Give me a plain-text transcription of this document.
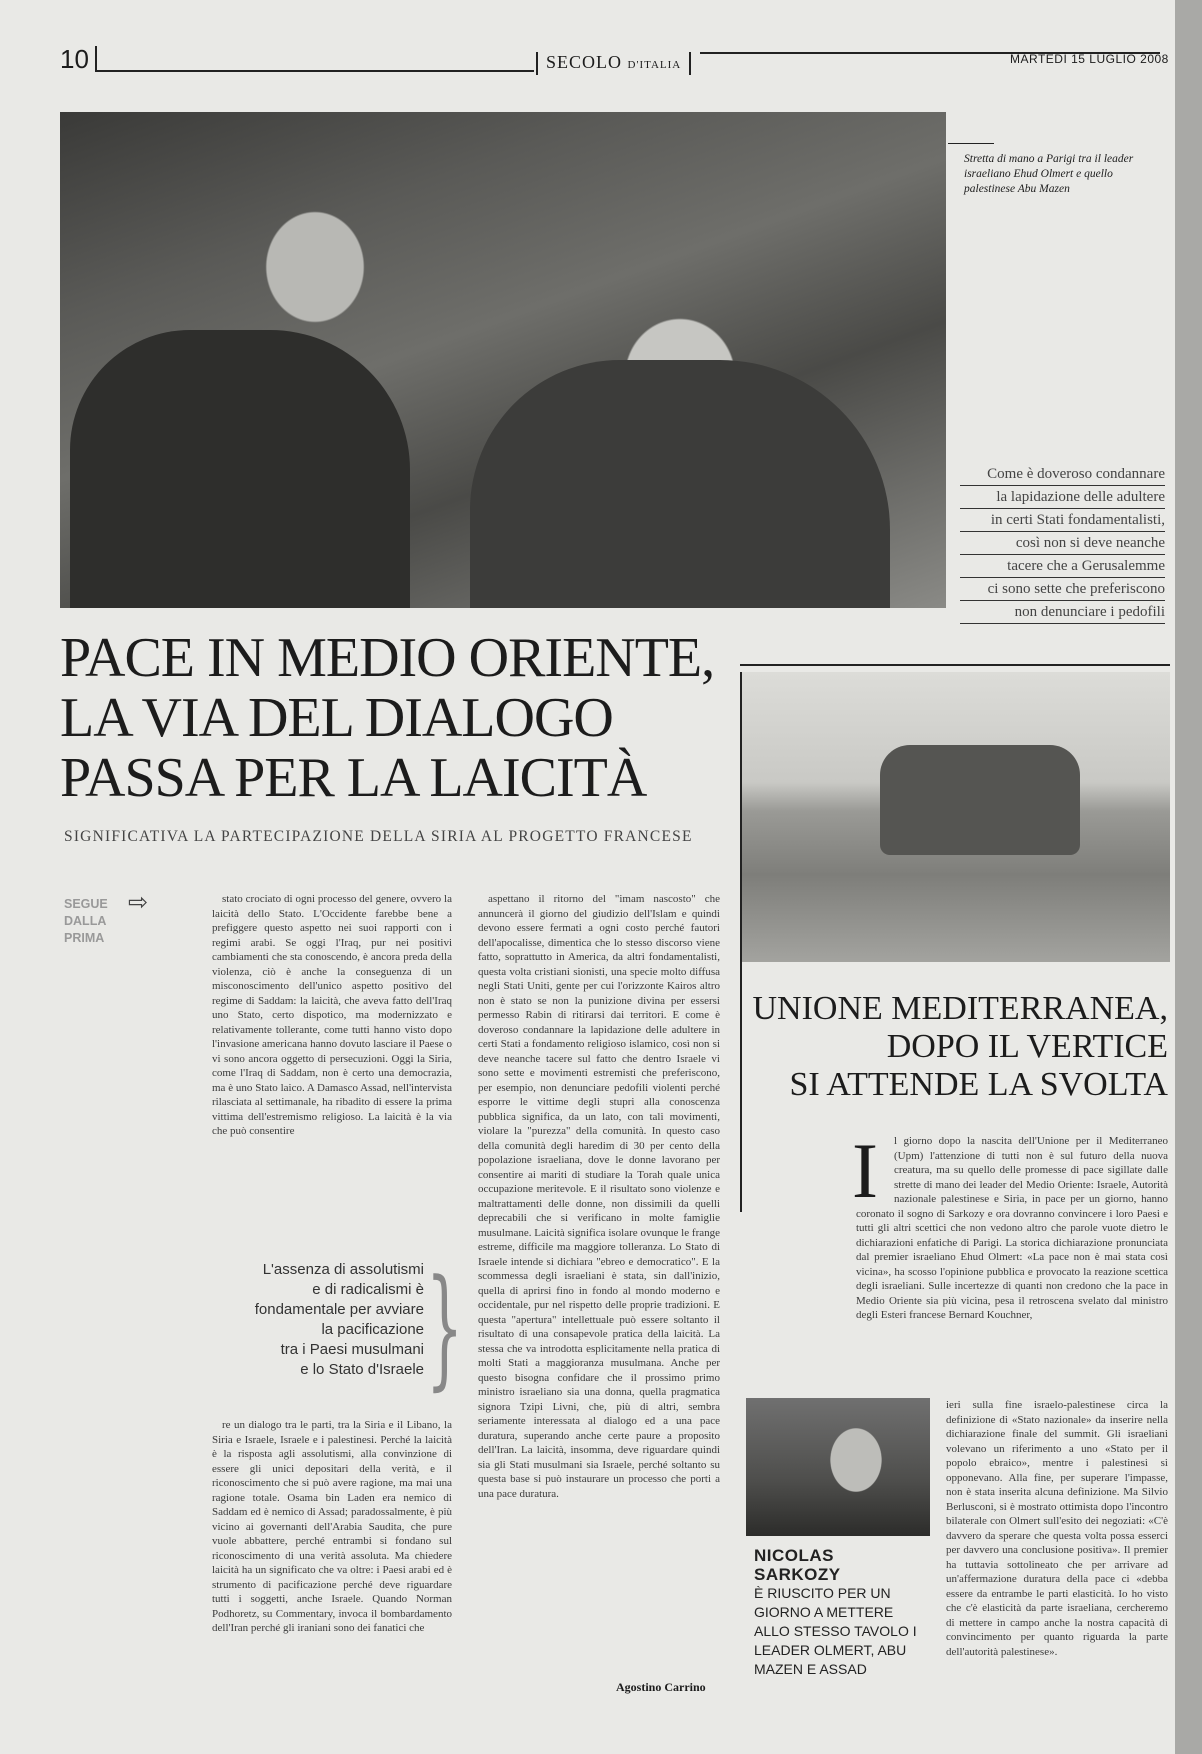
10	SECOLO D'ITALIA	MARTEDÌ 15 LUGLIO 2008
Stretta di mano a Parigi tra il leader israeliano Ehud Olmert e quello palestinese Abu Mazen
Come è doveroso condannare
la lapidazione delle adultere
in certi Stati fondamentalisti,
così non si deve neanche
tacere che a Gerusalemme
ci sono sette che preferiscono
non denunciare i pedofili
PACE IN MEDIO ORIENTE,
LA VIA DEL DIALOGO
PASSA PER LA LAICITÀ
SIGNIFICATIVA LA PARTECIPAZIONE DELLA SIRIA AL PROGETTO FRANCESE
UNIONE MEDITERRANEA,
DOPO IL VERTICE
SI ATTENDE LA SVOLTA
SEGUE
DALLA
PRIMA
⇨	stato crociato di ogni processo del genere, ovvero la laicità dello Stato. L'Occidente farebbe bene a prefiggere questo aspetto nei suoi rapporti con i regimi arabi. Se oggi l'Iraq, pur nei positivi cambiamenti che sta conoscendo, è ancora preda della violenza, ciò è anche la conseguenza di un misconoscimento dell'unico aspetto positivo del regime di Saddam: la laicità, che aveva fatto dell'Iraq uno Stato, certo dispotico, ma modernizzato e relativamente tollerante, come tutti hanno visto dopo l'invasione americana hanno dovuto lasciare il Paese o vi sono ancora oggetto di persecuzioni. Oggi la Siria, come l'Iraq di Saddam, non è certo una democrazia, ma è uno Stato laico. A Damasco Assad, nell'intervista rilasciata al settimanale, ha ribadito di essere la prima vittima dell'estremismo religioso. La laicità è la via che può consentire

L'assenza di assolutismi
e di radicalismi è
fondamentale per avviare
la pacificazione
tra i Paesi musulmani
e lo Stato d'Israele }

re un dialogo tra le parti, tra la Siria e il Libano, la Siria e Israele, Israele e i palestinesi. Perché la laicità è la risposta agli assolutismi, alla convinzione di essere gli unici depositari della verità, e il riconoscimento che si può avere ragione, ma mai una ragione totale. Osama bin Laden era nemico di Saddam ed è nemico di Assad; paradossalmente, è più vicino ai governanti dell'Arabia Saudita, che pure vuole abbattere, perché entrambi si fondano sul riconoscimento di una verità assoluta. Ma chiedere laicità ha un significato che va oltre: i Paesi arabi ed è strumento di pacificazione perché deve riguardare tutti i soggetti, anche Israele. Quando Norman Podhoretz, su Commentary, invoca il bombardamento dell'Iran perché gli iraniani sono dei fanatici che

aspettano il ritorno del "imam nascosto" che annuncerà il giorno del giudizio dell'Islam e quindi devono essere fermati a ogni costo perché fautori dell'apocalisse, dimentica che lo stesso discorso viene fatto, soprattutto in America, da altri fondamentalisti, questa volta cristiani sionisti, una specie molto diffusa negli Stati Uniti, gente per cui l'orizzonte Kairos altro non è stato se non la punizione divina per essersi permesso Rabin di ritirarsi dai territori. E come è doveroso condannare la lapidazione delle adultere in certi Stati a fondamento religioso islamico, così non si deve neanche tacere sul fatto che dentro Israele vi sono sette e movimenti estremisti che preferiscono, per esempio, non denunciare pedofili violenti perché esporre le vittime degli stupri alla conoscenza pubblica significa, da un lato, con tali movimenti, violare la "purezza" della comunità. In questo caso della comunità degli haredim di 30 per cento della popolazione israeliana, dove le donne lavorano per consentire ai mariti di studiare la Torah quale unica occupazione meritevole. E il risultato sono violenze e maltrattamenti delle donne, non dissimili da quelli deprecabili che si verificano in molte famiglie musulmane. Laicità significa isolare ovunque le frange estreme, difficile ma maggiore tolleranza. Lo Stato di Israele intende si dichiara "ebreo e democratico". E la scommessa degli israeliani è stata, sin dall'inizio, quella di aprirsi fino in fondo al mondo moderno e occidentale, pur nel rispetto delle proprie tradizioni. E questa "apertura" intellettuale può essere soltanto il risultato di una consapevole pratica della laicità. La stessa che va introdotta esplicitamente nella pratica di molti Stati a maggioranza musulmana. Anche per questo bisogna confidare che il prossimo primo ministro israeliano sia una donna, quella pragmatica signora Tzipi Livni, che, più di altri, sembra seriamente interessata al dialogo ed a una pace duratura, superando anche certe paure a proposito dell'Iran. La laicità, insomma, deve riguardare quindi sia gli Stati musulmani sia Israele, perché soltanto su questa base si può instaurare un processo che porti a una pace duratura.

Agostino Carrino
I	l giorno dopo la nascita dell'Unione per il Mediterraneo (Upm) l'attenzione di tutti non è sul futuro della nuova creatura, ma su quello delle promesse di pace sigillate dalle strette di mano dei leader del Medio Oriente: Israele, Autorità nazionale palestinese e Siria, in pace per un giorno, hanno coronato il sogno di Sarkozy e ora dovranno convincere i loro Paesi e tutti gli altri scettici che non vedono altro che parole vuote dietro le dichiarazioni enfatiche di Parigi. La storica dichiarazione pronunciata dal premier israeliano Ehud Olmert: «La pace non è mai stata così vicina», ha scosso l'opinione pubblica e provocato la reazione scettica degli israeliani. Sulle incertezze di quanti non credono che la pace in Medio Oriente sia più vicina, pesa il retroscena svelato dal ministro degli Esteri francese Bernard Kouchner,

ieri sulla fine israelo-palestinese circa la definizione di «Stato nazionale» da inserire nella dichiarazione finale del summit. Gli israeliani volevano un riferimento a uno «Stato per il popolo ebraico», mentre i palestinesi si opponevano. Alla fine, per superare l'impasse, non è stata inserita alcuna definizione. Ma Silvio Berlusconi, si è mostrato ottimista dopo l'incontro bilaterale con Olmert sull'esito dei negoziati: «C'è davvero da sperare che questa volta possa esserci per davvero una conclusione positiva». Il premier ha tuttavia sottolineato che per arrivare ad un'affermazione duratura della pace ci «debba essere da entrambe le parti elasticità. Io ho visto che c'è elasticità da parte israeliana, cercheremo di mettere in campo anche la nostra capacità di convincimento per quanto riguarda la parte dell'autorità palestinese».

NICOLAS SARKOZY
È RIUSCITO PER UN GIORNO A METTERE ALLO STESSO TAVOLO I LEADER OLMERT, ABU MAZEN E ASSAD
